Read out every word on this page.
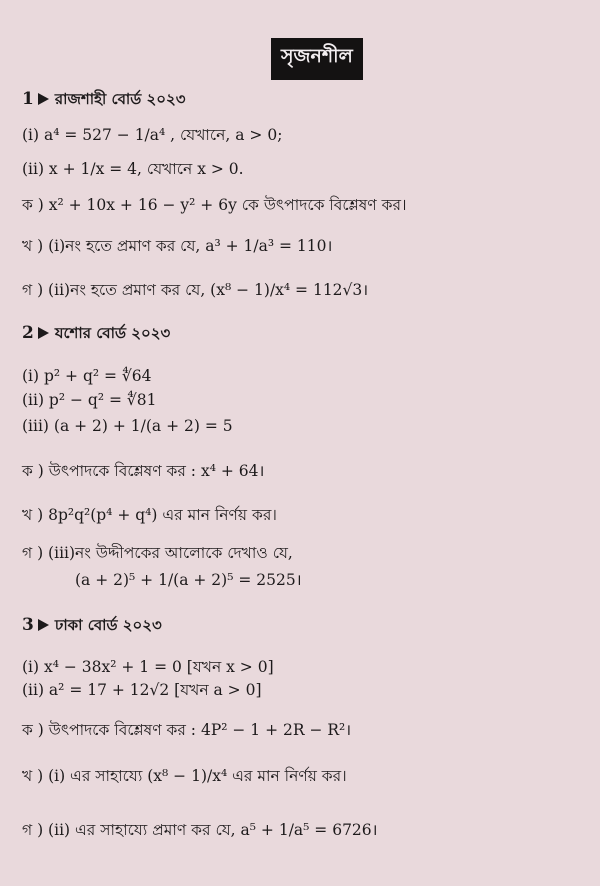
সৃজনশীল
1 রাজশাহী বোর্ড ২০২৩
(i) a⁴ = 527 − 1/a⁴ , যেখানে, a > 0;
(ii) x + 1/x = 4, যেখানে x > 0.
ক ) x² + 10x + 16 − y² + 6y কে উৎপাদকে বিশ্লেষণ কর।
খ ) (i)নং হতে প্রমাণ কর যে, a³ + 1/a³ = 110।
গ ) (ii)নং হতে প্রমাণ কর যে, (x⁸ − 1)/x⁴ = 112√3।
2 যশোর বোর্ড ২০২৩
(i) p² + q² = ∜64
(ii) p² − q² = ∜81
(iii) (a + 2) + 1/(a + 2) = 5
ক ) উৎপাদকে বিশ্লেষণ কর : x⁴ + 64।
খ ) 8p²q²(p⁴ + q⁴) এর মান নির্ণয় কর।
গ ) (iii)নং উদ্দীপকের আলোকে দেখাও যে,
(a + 2)⁵ + 1/(a + 2)⁵ = 2525।
3 ঢাকা বোর্ড ২০২৩
(i) x⁴ − 38x² + 1 = 0 [যখন x > 0]
(ii) a² = 17 + 12√2 [যখন a > 0]
ক ) উৎপাদকে বিশ্লেষণ কর : 4P² − 1 + 2R − R²।
খ ) (i) এর সাহায্যে (x⁸ − 1)/x⁴ এর মান নির্ণয় কর।
গ ) (ii) এর সাহায্যে প্রমাণ কর যে, a⁵ + 1/a⁵ = 6726।
